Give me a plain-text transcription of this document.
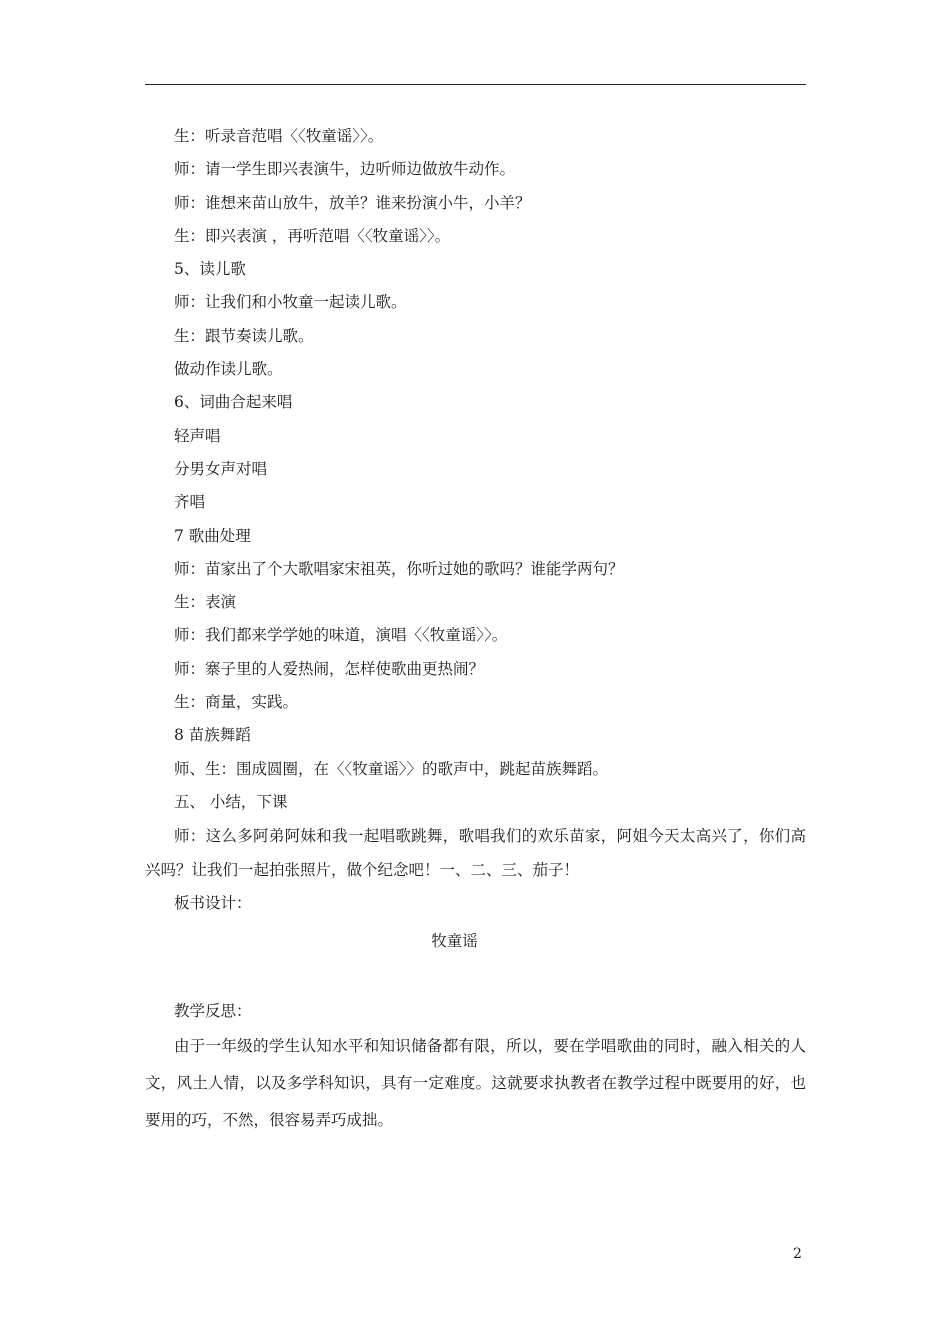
生：听录音范唱〈〈牧童谣〉〉。
师：请一学生即兴表演牛，边听师边做放牛动作。
师：谁想来苗山放牛，放羊？谁来扮演小牛，小羊？
生：即兴表演 ，再听范唱〈〈牧童谣〉〉。
5、读儿歌
师：让我们和小牧童一起读儿歌。
生：跟节奏读儿歌。
做动作读儿歌。
6、词曲合起来唱
轻声唱
分男女声对唱
齐唱
7 歌曲处理
师：苗家出了个大歌唱家宋祖英，你听过她的歌吗？谁能学两句？
生：表演
师：我们都来学学她的味道，演唱〈〈牧童谣〉〉。
师：寨子里的人爱热闹，怎样使歌曲更热闹？
生：商量，实践。
8 苗族舞蹈
师、生：围成圆圈，在〈〈牧童谣〉〉的歌声中，跳起苗族舞蹈。
五、 小结，下课
师：这么多阿弟阿妹和我一起唱歌跳舞，歌唱我们的欢乐苗家，阿姐今天太高兴了，你们高兴吗？让我们一起拍张照片，做个纪念吧！一、二、三、茄子！
板书设计：
牧童谣
教学反思：
由于一年级的学生认知水平和知识储备都有限，所以，要在学唱歌曲的同时，融入相关的人文，风土人情，以及多学科知识，具有一定难度。这就要求执教者在教学过程中既要用的好，也要用的巧，不然，很容易弄巧成拙。
2
